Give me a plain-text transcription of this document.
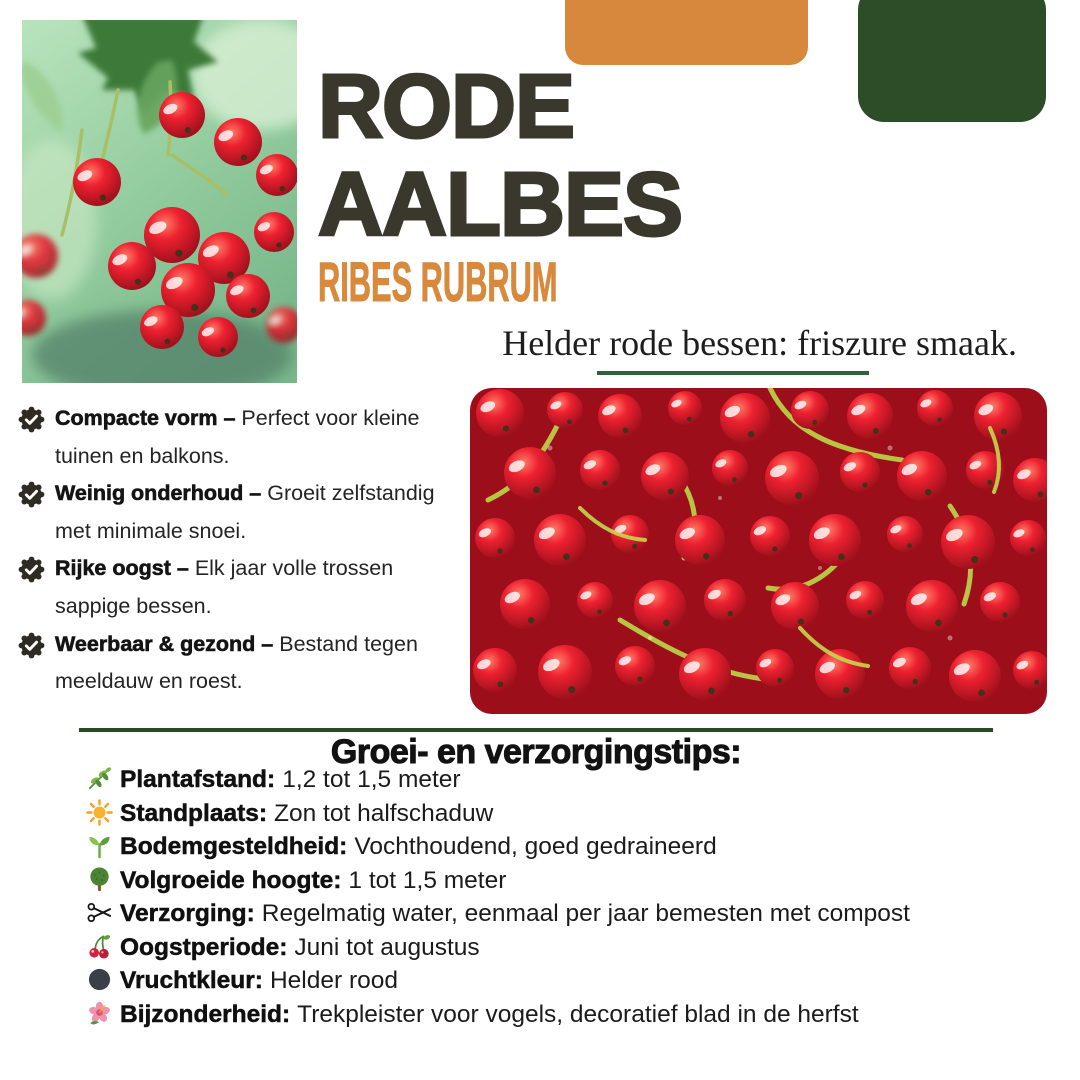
RODE
AALBES
RIBES RUBRUM
Helder rode bessen: friszure smaak.

Compacte vorm – Perfect voor kleine tuinen en balkons.

Weinig onderhoud – Groeit zelfstandig met minimale snoei.

Rijke oogst – Elk jaar volle trossen sappige bessen.

Weerbaar & gezond – Bestand tegen meeldauw en roest.

Groei- en verzorgingstips:
Plantafstand: 1,2 tot 1,5 meter
Standplaats: Zon tot halfschaduw
Bodemgesteldheid: Vochthoudend, goed gedraineerd
Volgroeide hoogte: 1 tot 1,5 meter
Verzorging: Regelmatig water, eenmaal per jaar bemesten met compost
Oogstperiode: Juni tot augustus
Vruchtkleur: Helder rood
Bijzonderheid: Trekpleister voor vogels, decoratief blad in de herfst
